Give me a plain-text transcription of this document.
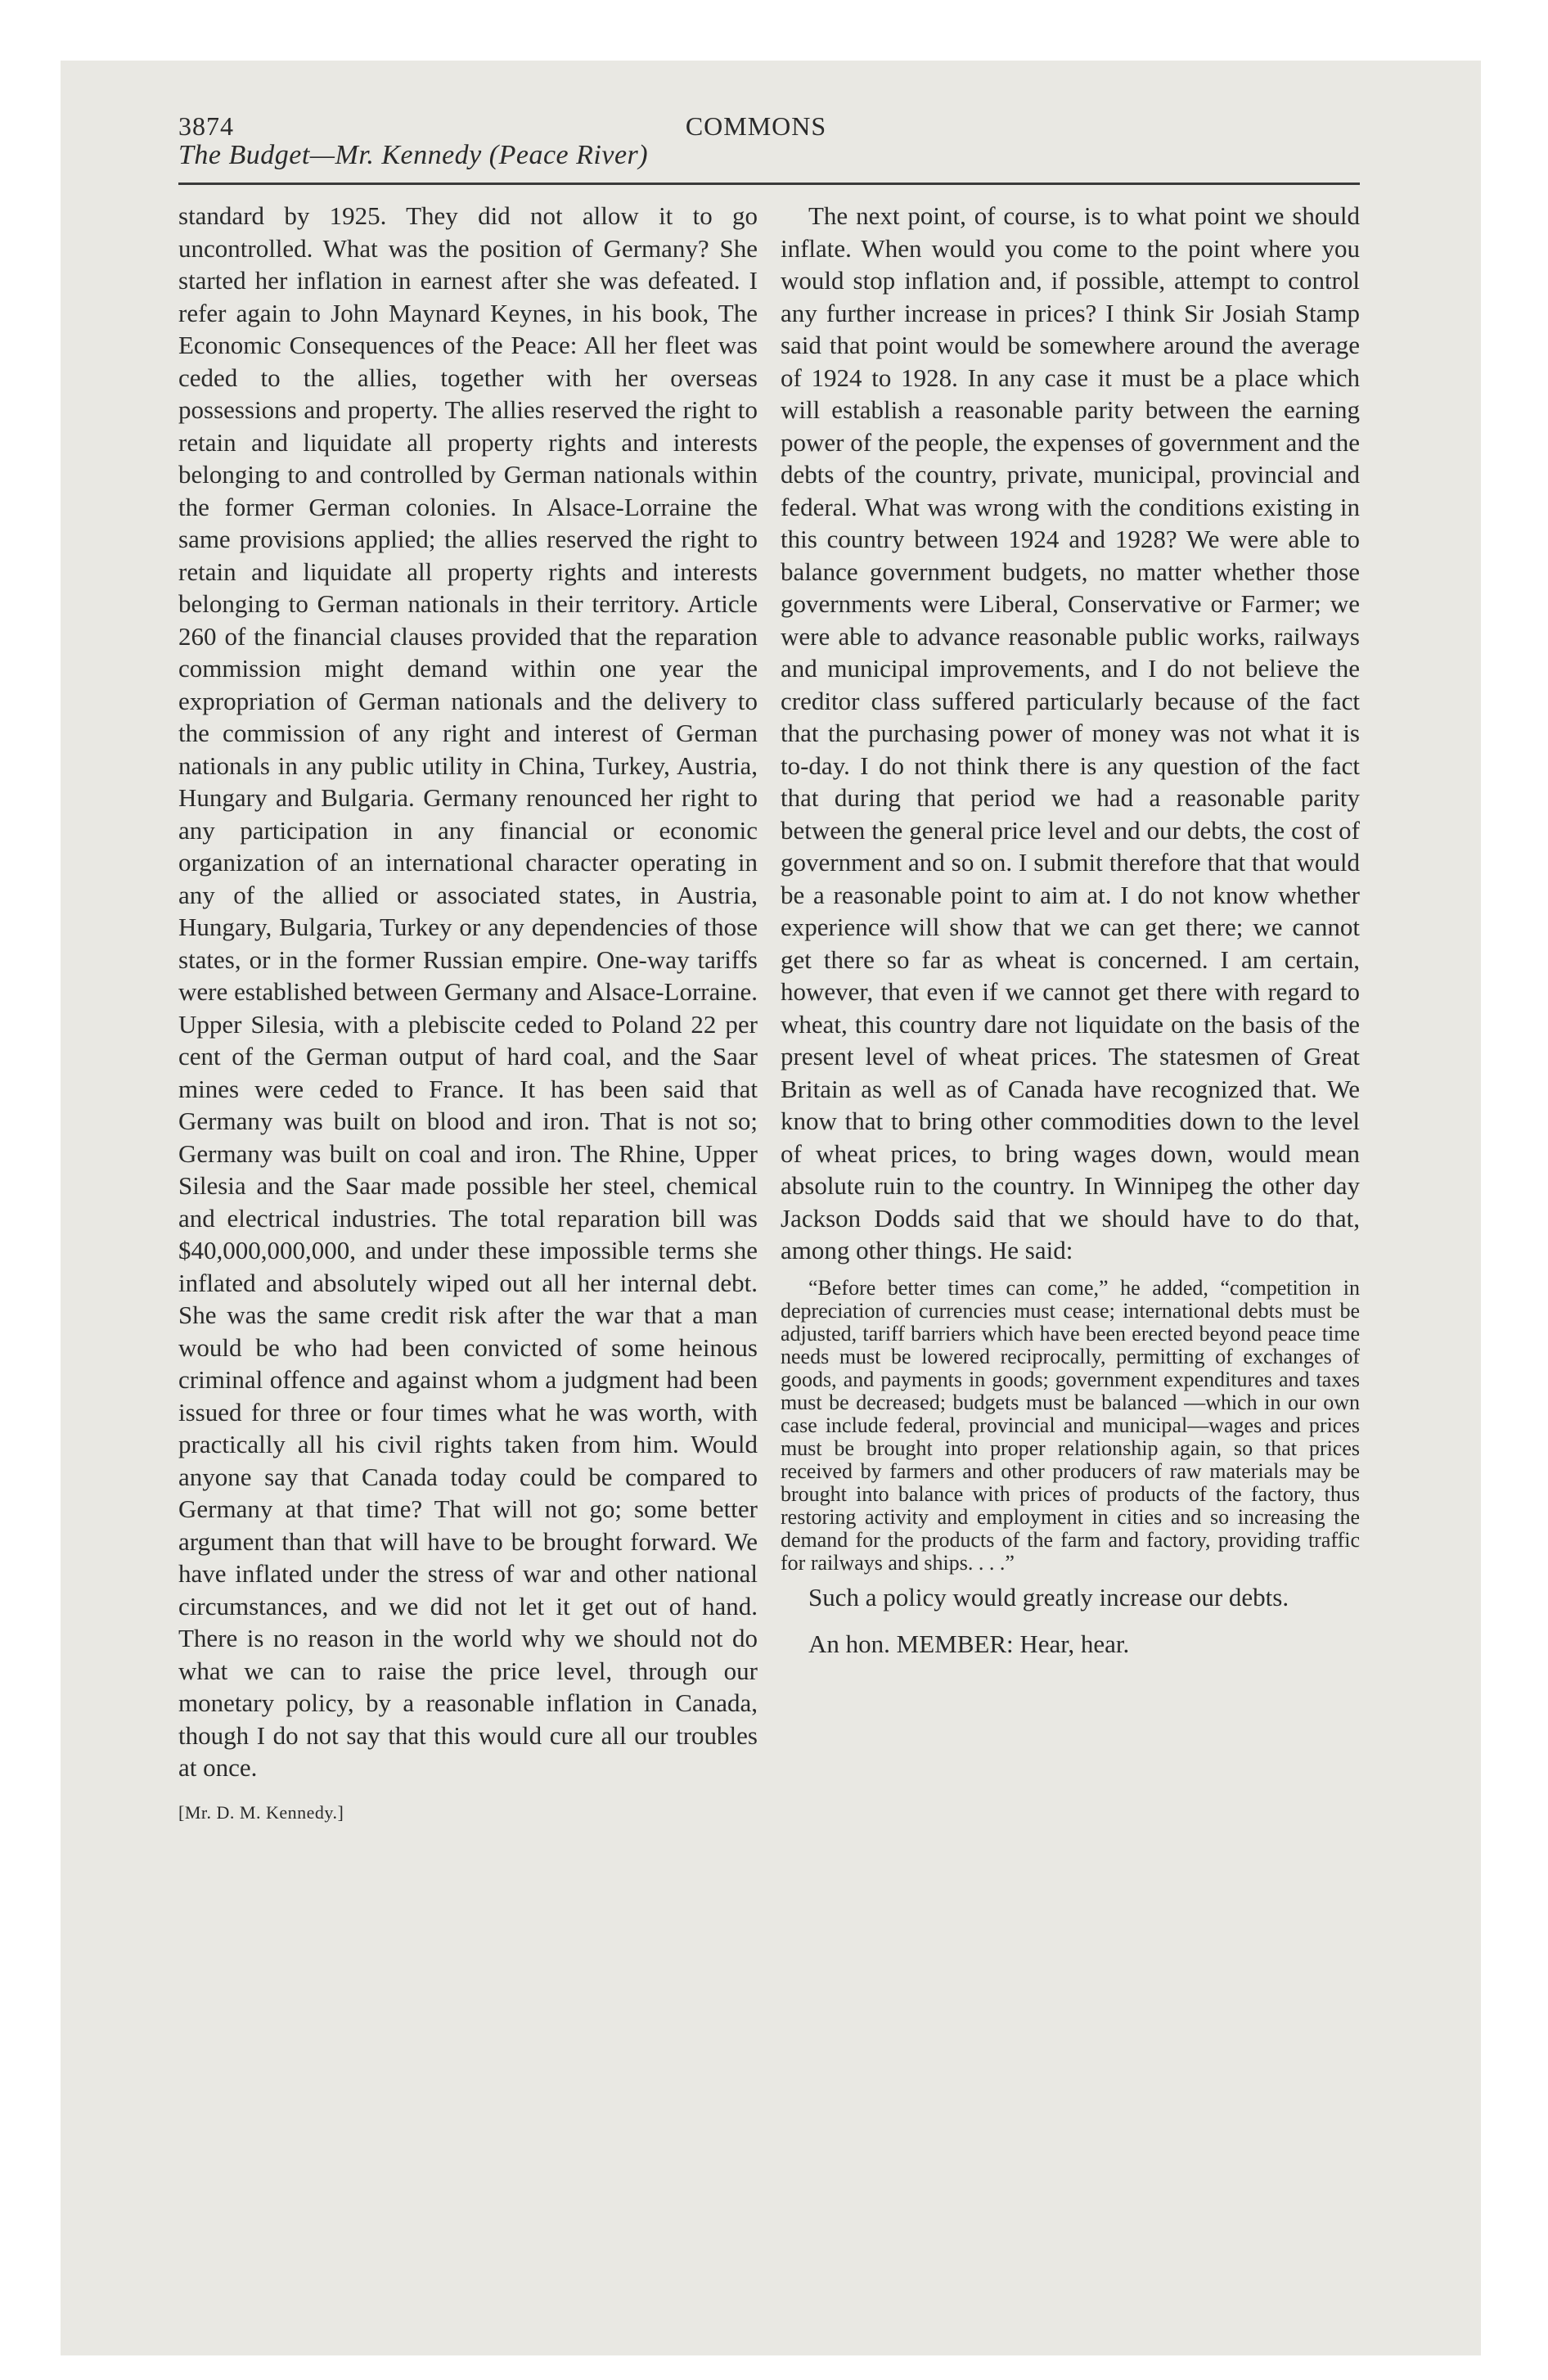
3874	COMMONS
The Budget—Mr. Kennedy (Peace River)

standard by 1925. They did not allow it to go uncontrolled. What was the position of Germany? She started her inflation in earnest after she was defeated. I refer again to John Maynard Keynes, in his book, The Economic Consequences of the Peace: All her fleet was ceded to the allies, together with her overseas possessions and property. The allies reserved the right to retain and liquidate all property rights and interests belonging to and controlled by German nationals within the former German colonies. In Alsace-Lorraine the same provisions applied; the allies reserved the right to retain and liquidate all property rights and interests belonging to German nationals in their territory. Article 260 of the financial clauses provided that the reparation commission might demand within one year the expropriation of German nationals and the delivery to the commission of any right and interest of German nationals in any public utility in China, Turkey, Austria, Hungary and Bulgaria. Germany renounced her right to any participation in any financial or economic organization of an international character operating in any of the allied or associated states, in Austria, Hungary, Bulgaria, Turkey or any dependencies of those states, or in the former Russian empire. One-way tariffs were established between Germany and Alsace-Lorraine. Upper Silesia, with a plebiscite ceded to Poland 22 per cent of the German output of hard coal, and the Saar mines were ceded to France. It has been said that Germany was built on blood and iron. That is not so; Germany was built on coal and iron. The Rhine, Upper Silesia and the Saar made possible her steel, chemical and electrical industries. The total reparation bill was $40,000,000,000, and under these impossible terms she inflated and absolutely wiped out all her internal debt. She was the same credit risk after the war that a man would be who had been convicted of some heinous criminal offence and against whom a judgment had been issued for three or four times what he was worth, with practically all his civil rights taken from him. Would anyone say that Canada today could be compared to Germany at that time? That will not go; some better argument than that will have to be brought forward. We have inflated under the stress of war and other national circumstances, and we did not let it get out of hand. There is no reason in the world why we should not do what we can to raise the price level, through our monetary policy, by a reasonable inflation in Canada, though I do not say that this would cure all our troubles at once.

[Mr. D. M. Kennedy.]

The next point, of course, is to what point we should inflate. When would you come to the point where you would stop inflation and, if possible, attempt to control any further increase in prices? I think Sir Josiah Stamp said that point would be somewhere around the average of 1924 to 1928. In any case it must be a place which will establish a reasonable parity between the earning power of the people, the expenses of government and the debts of the country, private, municipal, provincial and federal. What was wrong with the conditions existing in this country between 1924 and 1928? We were able to balance government budgets, no matter whether those governments were Liberal, Conservative or Farmer; we were able to advance reasonable public works, railways and municipal improvements, and I do not believe the creditor class suffered particularly because of the fact that the purchasing power of money was not what it is to-day. I do not think there is any question of the fact that during that period we had a reasonable parity between the general price level and our debts, the cost of government and so on. I submit therefore that that would be a reasonable point to aim at. I do not know whether experience will show that we can get there; we cannot get there so far as wheat is concerned. I am certain, however, that even if we cannot get there with regard to wheat, this country dare not liquidate on the basis of the present level of wheat prices. The statesmen of Great Britain as well as of Canada have recognized that. We know that to bring other commodities down to the level of wheat prices, to bring wages down, would mean absolute ruin to the country. In Winnipeg the other day Jackson Dodds said that we should have to do that, among other things. He said:

“Before better times can come,” he added, “competition in depreciation of currencies must cease; international debts must be adjusted, tariff barriers which have been erected beyond peace time needs must be lowered reciprocally, permitting of exchanges of goods, and payments in goods; government expenditures and taxes must be decreased; budgets must be balanced —which in our own case include federal, provincial and municipal—wages and prices must be brought into proper relationship again, so that prices received by farmers and other producers of raw materials may be brought into balance with prices of products of the factory, thus restoring activity and employment in cities and so increasing the demand for the products of the farm and factory, providing traffic for railways and ships. . . .”

Such a policy would greatly increase our debts.

An hon. MEMBER: Hear, hear.
